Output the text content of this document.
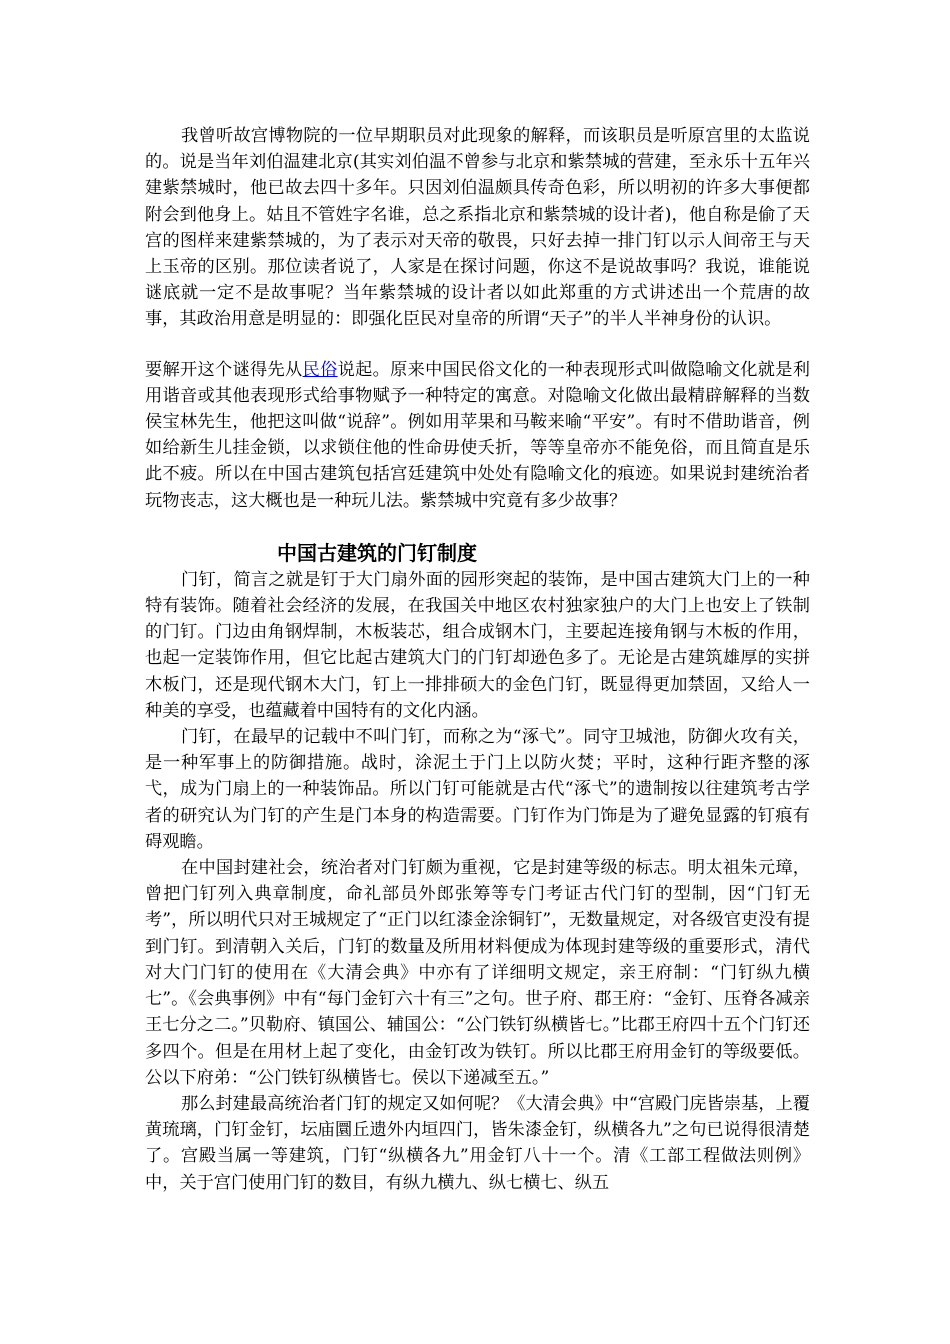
我曾听故宫博物院的一位早期职员对此现象的解释，而该职员是听原宫里的太监说的。说是当年刘伯温建北京(其实刘伯温不曾参与北京和紫禁城的营建，至永乐十五年兴建紫禁城时，他已故去四十多年。只因刘伯温颇具传奇色彩，所以明初的许多大事便都附会到他身上。姑且不管姓字名谁，总之系指北京和紫禁城的设计者)，他自称是偷了天宫的图样来建紫禁城的，为了表示对天帝的敬畏，只好去掉一排门钉以示人间帝王与天上玉帝的区别。那位读者说了，人家是在探讨问题，你这不是说故事吗？我说，谁能说谜底就一定不是故事呢？当年紫禁城的设计者以如此郑重的方式讲述出一个荒唐的故事，其政治用意是明显的：即强化臣民对皇帝的所谓“天子”的半人半神身份的认识。

要解开这个谜得先从民俗说起。原来中国民俗文化的一种表现形式叫做隐喻文化就是利用谐音或其他表现形式给事物赋予一种特定的寓意。对隐喻文化做出最精辟解释的当数侯宝林先生，他把这叫做“说辞”。例如用苹果和马鞍来喻“平安”。有时不借助谐音，例如给新生儿挂金锁，以求锁住他的性命毋使夭折，等等皇帝亦不能免俗，而且简直是乐此不疲。所以在中国古建筑包括宫廷建筑中处处有隐喻文化的痕迹。如果说封建统治者玩物丧志，这大概也是一种玩儿法。紫禁城中究竟有多少故事？

中国古建筑的门钉制度

门钉，简言之就是钉于大门扇外面的园形突起的装饰，是中国古建筑大门上的一种特有装饰。随着社会经济的发展，在我国关中地区农村独家独户的大门上也安上了铁制的门钉。门边由角钢焊制，木板装芯，组合成钢木门，主要起连接角钢与木板的作用，也起一定装饰作用，但它比起古建筑大门的门钉却逊色多了。无论是古建筑雄厚的实拼木板门，还是现代钢木大门，钉上一排排硕大的金色门钉，既显得更加禁固，又给人一种美的享受，也蕴藏着中国特有的文化内涵。

门钉，在最早的记载中不叫门钉，而称之为“涿弋”。同守卫城池，防御火攻有关，是一种军事上的防御措施。战时，涂泥土于门上以防火焚；平时，这种行距齐整的涿弋，成为门扇上的一种装饰品。所以门钉可能就是古代“涿弋”的遗制按以往建筑考古学者的研究认为门钉的产生是门本身的构造需要。门钉作为门饰是为了避免显露的钉痕有碍观瞻。

在中国封建社会，统治者对门钉颇为重视，它是封建等级的标志。明太祖朱元璋，曾把门钉列入典章制度，命礼部员外郎张筹等专门考证古代门钉的型制，因“门钉无考”，所以明代只对王城规定了“正门以红漆金涂铜钉”，无数量规定，对各级官吏没有提到门钉。到清朝入关后，门钉的数量及所用材料便成为体现封建等级的重要形式，清代对大门门钉的使用在《大清会典》中亦有了详细明文规定，亲王府制：“门钉纵九横七”。《会典事例》中有“每门金钉六十有三”之句。世子府、郡王府：“金钉、压脊各减亲王七分之二。”贝勒府、镇国公、辅国公：“公门铁钉纵横皆七。”比郡王府四十五个门钉还多四个。但是在用材上起了变化，由金钉改为铁钉。所以比郡王府用金钉的等级要低。公以下府弟：“公门铁钉纵横皆七。侯以下递减至五。”

那么封建最高统治者门钉的规定又如何呢？《大清会典》中“宫殿门庑皆崇基，上覆黄琉璃，门钉金钉，坛庙圜丘遗外内垣四门，皆朱漆金钉，纵横各九”之句已说得很清楚了。宫殿当属一等建筑，门钉“纵横各九”用金钉八十一个。清《工部工程做法则例》中，关于宫门使用门钉的数目，有纵九横九、纵七横七、纵五
